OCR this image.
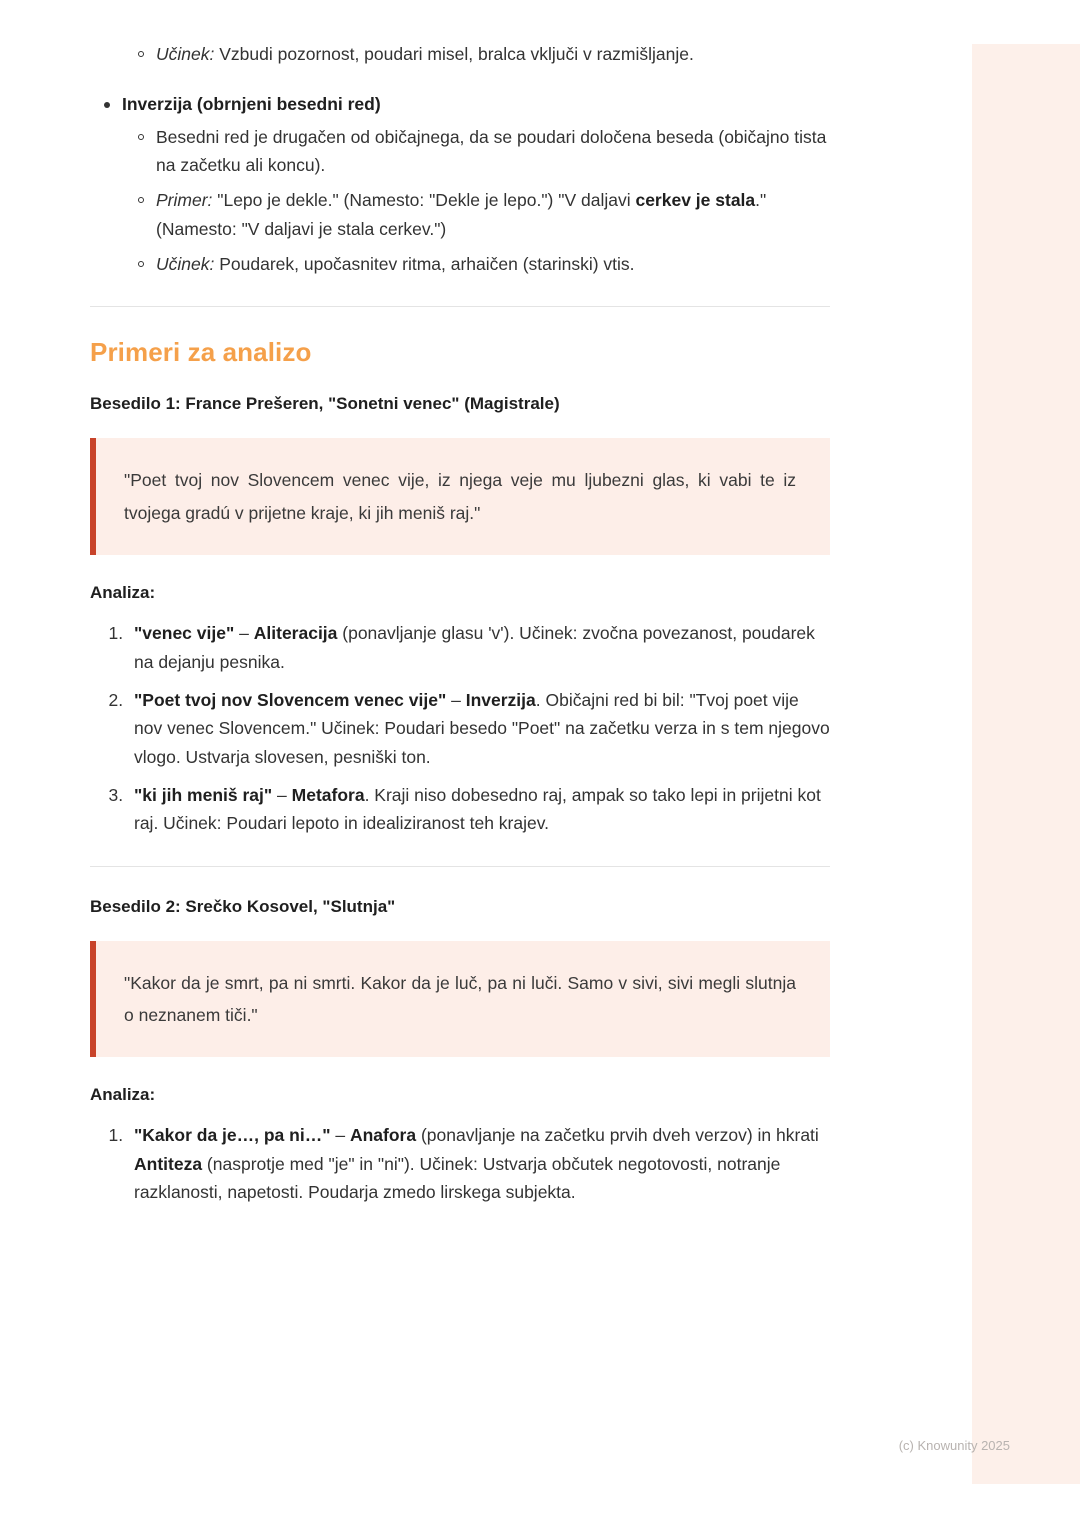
Učinek: Vzbudi pozornost, poudari misel, bralca vključi v razmišljanje.
Inverzija (obrnjeni besedni red)
Besedni red je drugačen od običajnega, da se poudari določena beseda (običajno tista na začetku ali koncu).
Primer: "Lepo je dekle." (Namesto: "Dekle je lepo.") "V daljavi cerkev je stala." (Namesto: "V daljavi je stala cerkev.")
Učinek: Poudarek, upočasnitev ritma, arhaičen (starinski) vtis.
Primeri za analizo
Besedilo 1: France Prešeren, "Sonetni venec" (Magistrale)
"Poet tvoj nov Slovencem venec vije, iz njega veje mu ljubezni glas, ki vabi te iz tvojega gradú v prijetne kraje, ki jih meniš raj."
Analiza:
1. "venec vije" – Aliteracija (ponavljanje glasu 'v'). Učinek: zvočna povezanost, poudarek na dejanju pesnika.
2. "Poet tvoj nov Slovencem venec vije" – Inverzija. Običajni red bi bil: "Tvoj poet vije nov venec Slovencem." Učinek: Poudari besedo "Poet" na začetku verza in s tem njegovo vlogo. Ustvarja slovesen, pesniški ton.
3. "ki jih meniš raj" – Metafora. Kraji niso dobesedno raj, ampak so tako lepi in prijetni kot raj. Učinek: Poudari lepoto in idealiziranost teh krajev.
Besedilo 2: Srečko Kosovel, "Slutnja"
"Kakor da je smrt, pa ni smrti. Kakor da je luč, pa ni luči. Samo v sivi, sivi megli slutnja o neznanem tiči."
Analiza:
1. "Kakor da je…, pa ni…" – Anafora (ponavljanje na začetku prvih dveh verzov) in hkrati Antiteza (nasprotje med "je" in "ni"). Učinek: Ustvarja občutek negotovosti, notranje razklanosti, napetosti. Poudarja zmedo lirskega subjekta.
(c) Knowunity 2025
